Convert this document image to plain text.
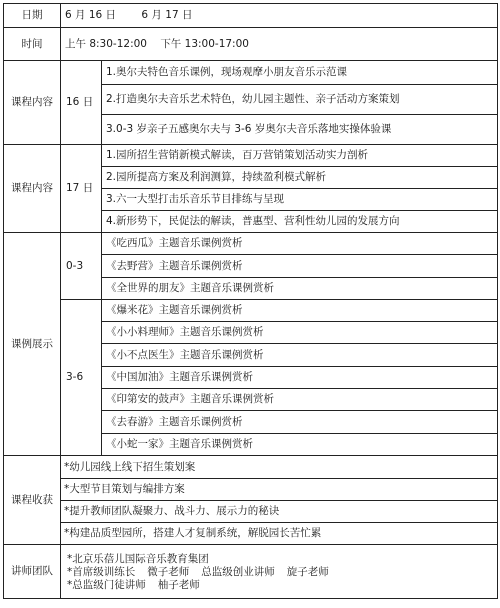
日期	6 月 16 日 6 月 17 日	
时间	上午 8:30-12:00 下午 13:00-17:00	
课程内容	16 日	1.奥尔夫特色音乐课例，现场观摩小朋友音乐示范课
		2.打造奥尔夫音乐艺术特色，幼儿园主题性、亲子活动方案策划
		3.0-3 岁亲子五感奥尔夫与 3-6 岁奥尔夫音乐落地实操体验课
课程内容	17 日	1.园所招生营销新模式解读，百万营销策划活动实力剖析
		2.园所提高方案及利润测算，持续盈利模式解析
		3.六一大型打击乐音乐节目排练与呈现
		4.新形势下，民促法的解读，普惠型、营利性幼儿园的发展方向
课例展示	0-3	《吃西瓜》主题音乐课例赏析
		《去野营》主题音乐课例赏析
		《全世界的朋友》主题音乐课例赏析
	3-6	《爆米花》主题音乐课例赏析
		《小小料理师》主题音乐课例赏析
		《小不点医生》主题音乐课例赏析
		《中国加油》主题音乐课例赏析
		《印第安的鼓声》主题音乐课例赏析
		《去春游》主题音乐课例赏析
		《小蛇一家》主题音乐课例赏析
课程收获	*幼儿园线上线下招生策划案	
	*大型节目策划与编排方案	
	*提升教师团队凝聚力、战斗力、展示力的秘诀	
	*构建品质型园所，搭建人才复制系统，解脱园长苦忙累	
讲师团队	*北京乐蓓儿国际音乐教育集团
*首席级训练长 微子老师 总监级创业讲师 旋子老师
*总监级门徒讲师 柚子老师	
